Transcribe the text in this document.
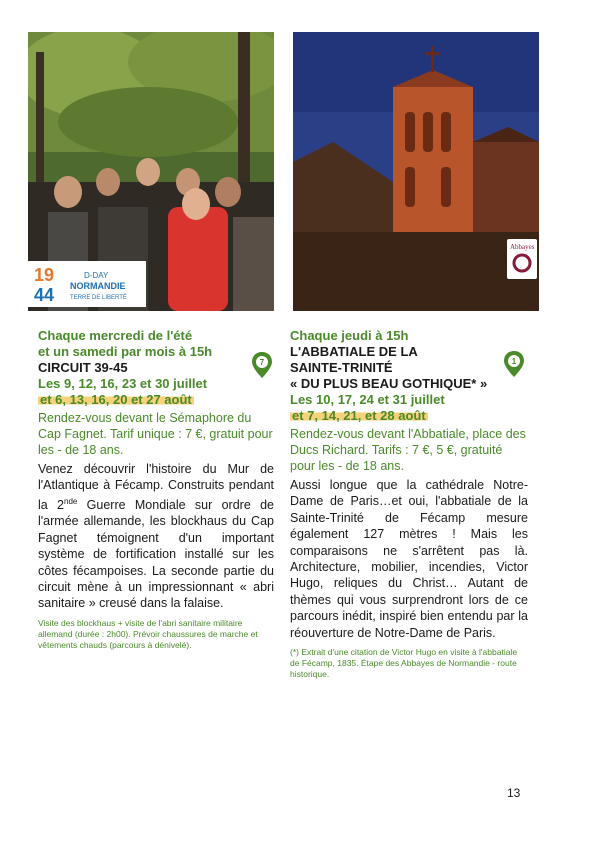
19
44
D-DAY
NORMANDIE
TERRE DE LIBERTÉ
Abbayes
Chaque mercredi de l'été
et un samedi par mois à 15h
CIRCUIT 39-45
Les 9, 12, 16, 23 et 30 juillet
et 6, 13, 16, 20 et 27 août
Rendez-vous devant le Sémaphore du Cap Fagnet. Tarif unique : 7 €, gratuit pour les - de 18 ans.
Venez découvrir l'histoire du Mur de l'Atlantique à Fécamp. Construits pendant la 2nde Guerre Mondiale sur ordre de l'armée allemande, les blockhaus du Cap Fagnet témoignent d'un important système de fortification installé sur les côtes fécampoises. La seconde partie du circuit mène à un impressionnant « abri sanitaire » creusé dans la falaise.
Visite des blockhaus + visite de l'abri sanitaire militaire allemand (durée : 2h00). Prévoir chaussures de marche et vêtements chauds (parcours à dénivelé).
7
Chaque jeudi à 15h
L'ABBATIALE DE LA
SAINTE-TRINITÉ
« DU PLUS BEAU GOTHIQUE* »
Les 10, 17, 24 et 31 juillet
et 7, 14, 21, et 28 août
Rendez-vous devant l'Abbatiale, place des Ducs Richard. Tarifs : 7 €, 5 €, gratuité pour les - de 18 ans.
Aussi longue que la cathédrale Notre-Dame de Paris…et oui, l'abbatiale de la Sainte-Trinité de Fécamp mesure également 127 mètres ! Mais les comparaisons ne s'arrêtent pas là. Architecture, mobilier, incendies, Victor Hugo, reliques du Christ… Autant de thèmes qui vous surprendront lors de ce parcours inédit, inspiré bien entendu par la réouverture de Notre-Dame de Paris.
(*) Extrait d'une citation de Victor Hugo en visite à l'abbatiale de Fécamp, 1835. Étape des Abbayes de Normandie - route historique.
1
13
